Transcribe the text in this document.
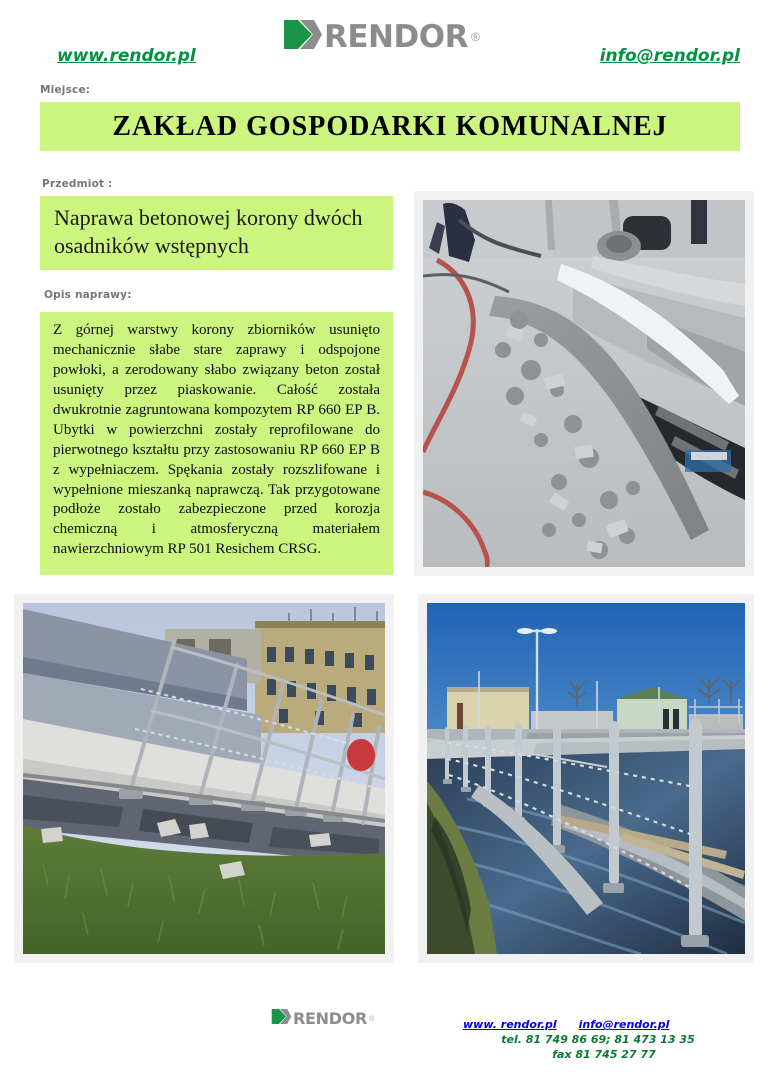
RENDOR ®
www.rendor.pl	info@rendor.pl
Miejsce:
ZAKŁAD GOSPODARKI KOMUNALNEJ
Przedmiot :
Naprawa betonowej korony dwóch osadników wstępnych
Opis naprawy:

Z górnej warstwy korony zbiorników usunięto mechanicznie słabe stare zaprawy i odspojone powłoki, a zerodowany słabo związany beton został usunięty przez piaskowanie. Całość została dwukrotnie zagruntowana kompozytem RP 660 EP B. Ubytki w powierzchni zostały reprofilowane do pierwotnego kształtu przy zastosowaniu RP 660 EP B z wypełniaczem. Spękania zostały rozszlifowane i wypełnione mieszanką naprawczą. Tak przygotowane podłoże zostało zabezpieczone przed korozja chemiczną i atmosferyczną materiałem nawierzchniowym RP 501 Resichem CRSG.

RENDOR ®	www. rendor.pl info@rendor.pl
tel. 81 749 86 69; 81 473 13 35
fax 81 745 27 77
